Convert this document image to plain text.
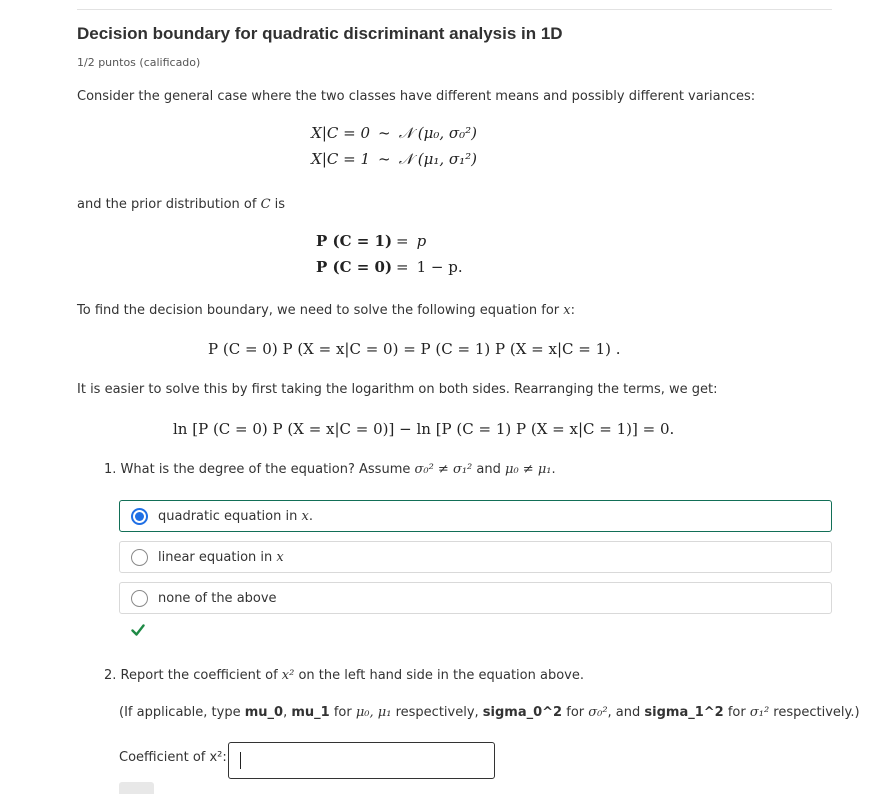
Decision boundary for quadratic discriminant analysis in 1D
1/2 puntos (calificado)
Consider the general case where the two classes have different means and possibly different variances:
X|C = 0 ~ 𝒩 (μ₀, σ₀²)
X|C = 1 ~ 𝒩 (μ₁, σ₁²)
and the prior distribution of C is
P (C = 1) = p
P (C = 0) = 1 − p.
To find the decision boundary, we need to solve the following equation for x:
P (C = 0) P (X = x|C = 0) = P (C = 1) P (X = x|C = 1) .
It is easier to solve this by first taking the logarithm on both sides. Rearranging the terms, we get:
ln [P (C = 0) P (X = x|C = 0)] − ln [P (C = 1) P (X = x|C = 1)] = 0.
1. What is the degree of the equation? Assume σ₀² ≠ σ₁² and μ₀ ≠ μ₁.
quadratic equation in x.
linear equation in x
none of the above
2. Report the coefficient of x² on the left hand side in the equation above.
(If applicable, type mu_0, mu_1 for μ₀, μ₁ respectively, sigma_0^2 for σ₀², and sigma_1^2 for σ₁² respectively.)
Coefficient of x²:
